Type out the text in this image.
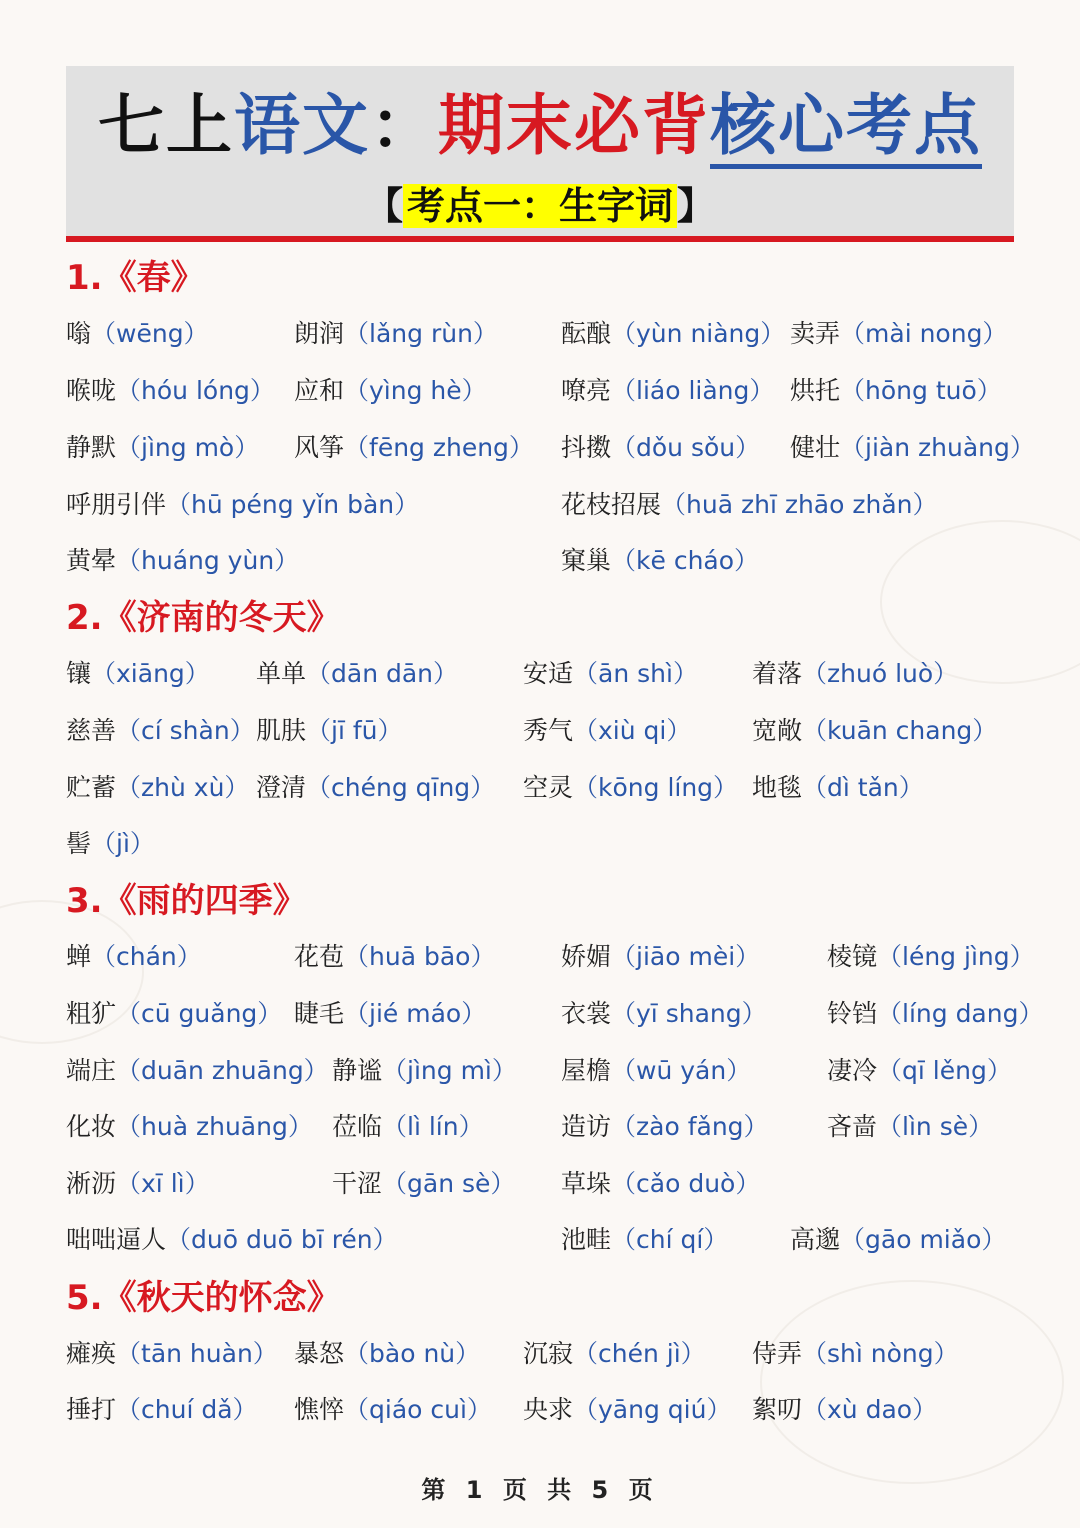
七上语文：期末必背核心考点
【 考点一：生字词 】
1.《春》
嗡（wēng）	朗润（lǎng rùn）	酝酿（yùn niàng） 卖弄（mài nong）
喉咙（hóu lóng） 应和（yìng hè）	嘹亮（liáo liàng） 烘托（hōng tuō）
静默（jìng mò） 风筝（fēng zheng） 抖擞（dǒu sǒu） 健壮（jiàn zhuàng）
呼朋引伴（hū péng yǐn bàn）	花枝招展（huā zhī zhāo zhǎn）
黄晕（huáng yùn）	窠巢（kē cháo）
2.《济南的冬天》
镶（xiāng） 单单（dān dān）	安适（ān shì） 着落（zhuó luò）
慈善（cí shàn） 肌肤（jī fū）	秀气（xiù qi） 宽敞（kuān chang）
贮蓄（zhù xù） 澄清（chéng qīng） 空灵（kōng líng） 地毯（dì tǎn）
髻（jì）
3.《雨的四季》
蝉（chán）	花苞（huā bāo）	娇媚（jiāo mèi）	棱镜（léng jìng）
粗犷（cū guǎng） 睫毛（jié máo）	衣裳（yī shang） 铃铛（líng dang）
端庄（duān zhuāng） 静谧（jìng mì） 屋檐（wū yán）	凄冷（qī lěng）
化妆（huà zhuāng） 莅临（lì lín）	造访（zào fǎng） 吝啬（lìn sè）
淅沥（xī lì）	干涩（gān sè） 草垛（cǎo duò）
咄咄逼人（duō duō bī rén）	池畦（chí qí） 高邈（gāo miǎo）
5.《秋天的怀念》
瘫痪（tān huàn） 暴怒（bào nù） 沉寂（chén jì） 侍弄（shì nòng）
捶打（chuí dǎ） 憔悴（qiáo cuì） 央求（yāng qiú） 絮叨（xù dao）
第 1 页 共 5 页
